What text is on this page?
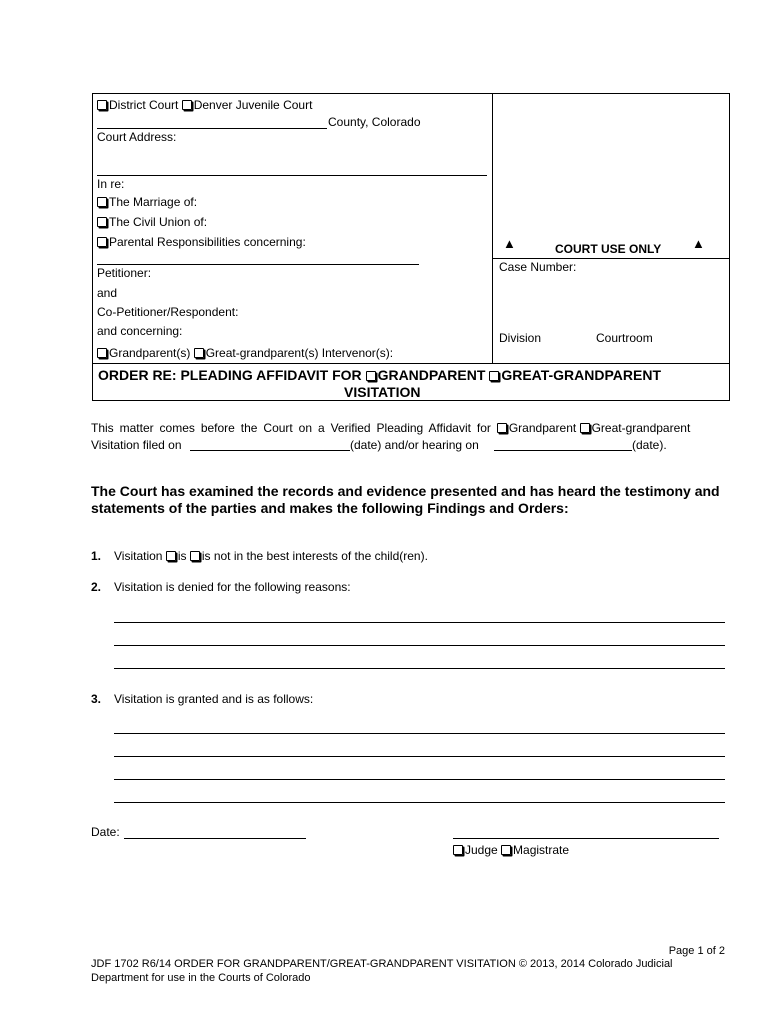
District Court Denver Juvenile Court
County, Colorado
Court Address:
In re:
The Marriage of:
The Civil Union of:
Parental Responsibilities concerning:
Petitioner:
and
Co-Petitioner/Respondent:
and concerning:
Grandparent(s) Great-grandparent(s) Intervenor(s):
▲	COURT USE ONLY ▲
Case Number:
Division	Courtroom
ORDER RE: PLEADING AFFIDAVIT FOR GRANDPARENT GREAT-GRANDPARENT
VISITATION
This matter comes before the Court on a Verified Pleading Affidavit for Grandparent Great-grandparent
Visitation filed on	(date) and/or hearing on	(date).
The Court has examined the records and evidence presented and has heard the testimony and
statements of the parties and makes the following Findings and Orders:
1. Visitation is is not in the best interests of the child(ren).
2. Visitation is denied for the following reasons:
3. Visitation is granted and is as follows:
Date:
Judge Magistrate
Page 1 of 2
JDF 1702 R6/14 ORDER FOR GRANDPARENT/GREAT-GRANDPARENT VISITATION © 2013, 2014 Colorado Judicial
Department for use in the Courts of Colorado
